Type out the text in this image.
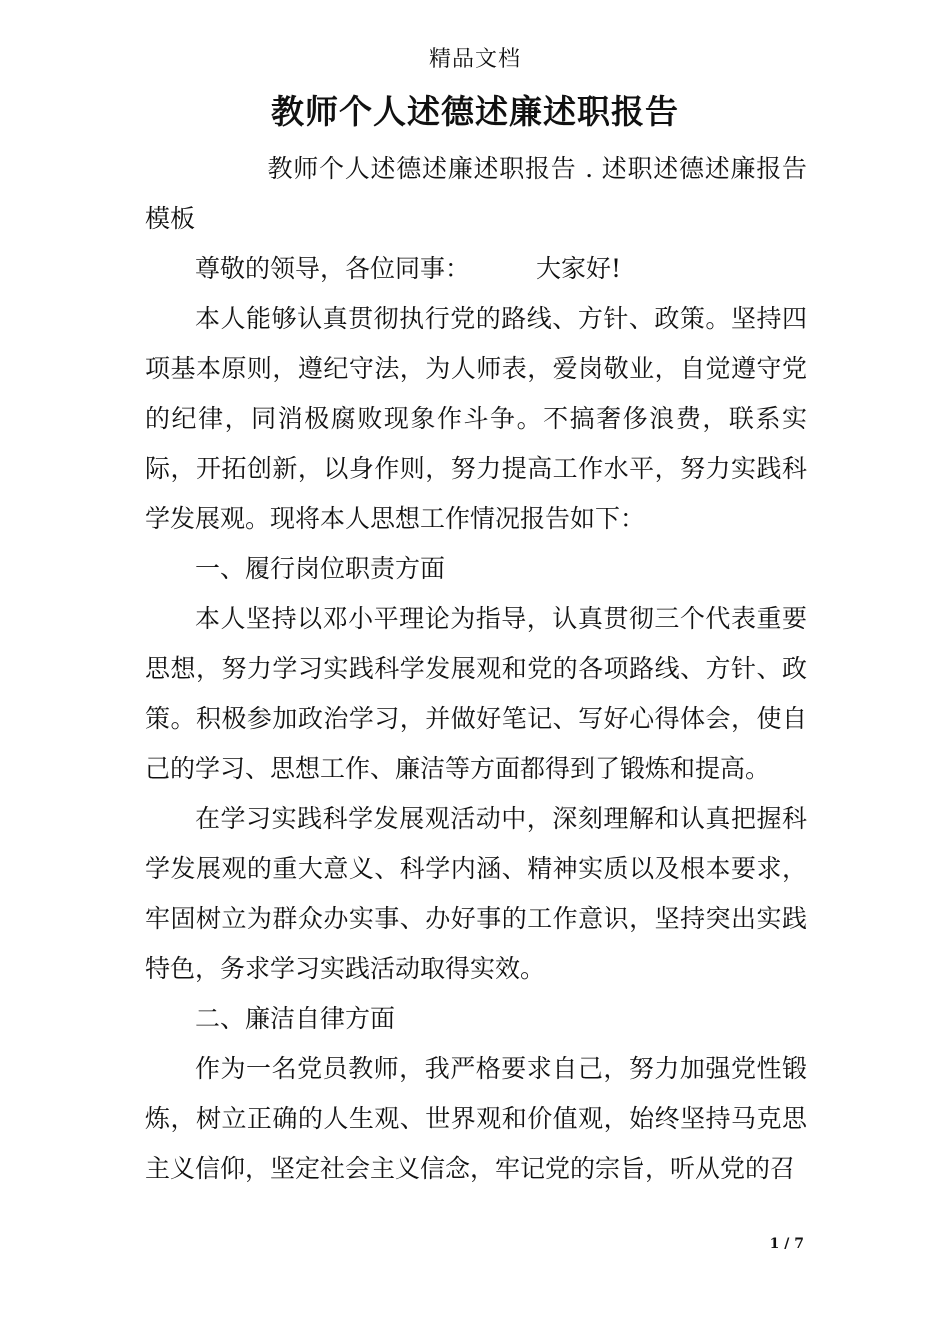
精品文档
教师个人述德述廉述职报告

教师个人述德述廉述职报告 . 述职述德述廉报告模板

尊敬的领导，各位同事：	大家好!

本人能够认真贯彻执行党的路线、方针、政策。坚持四项基本原则，遵纪守法，为人师表，爱岗敬业，自觉遵守党的纪律，同消极腐败现象作斗争。不搞奢侈浪费，联系实际，开拓创新，以身作则，努力提高工作水平，努力实践科学发展观。现将本人思想工作情况报告如下：

一、履行岗位职责方面

本人坚持以邓小平理论为指导，认真贯彻三个代表重要思想，努力学习实践科学发展观和党的各项路线、方针、政策。积极参加政治学习，并做好笔记、写好心得体会，使自己的学习、思想工作、廉洁等方面都得到了锻炼和提高。

在学习实践科学发展观活动中，深刻理解和认真把握科学发展观的重大意义、科学内涵、精神实质以及根本要求，牢固树立为群众办实事、办好事的工作意识，坚持突出实践特色，务求学习实践活动取得实效。

二、廉洁自律方面

作为一名党员教师，我严格要求自己，努力加强党性锻炼，树立正确的人生观、世界观和价值观，始终坚持马克思主义信仰，坚定社会主义信念，牢记党的宗旨，听从党的召

1 / 7
